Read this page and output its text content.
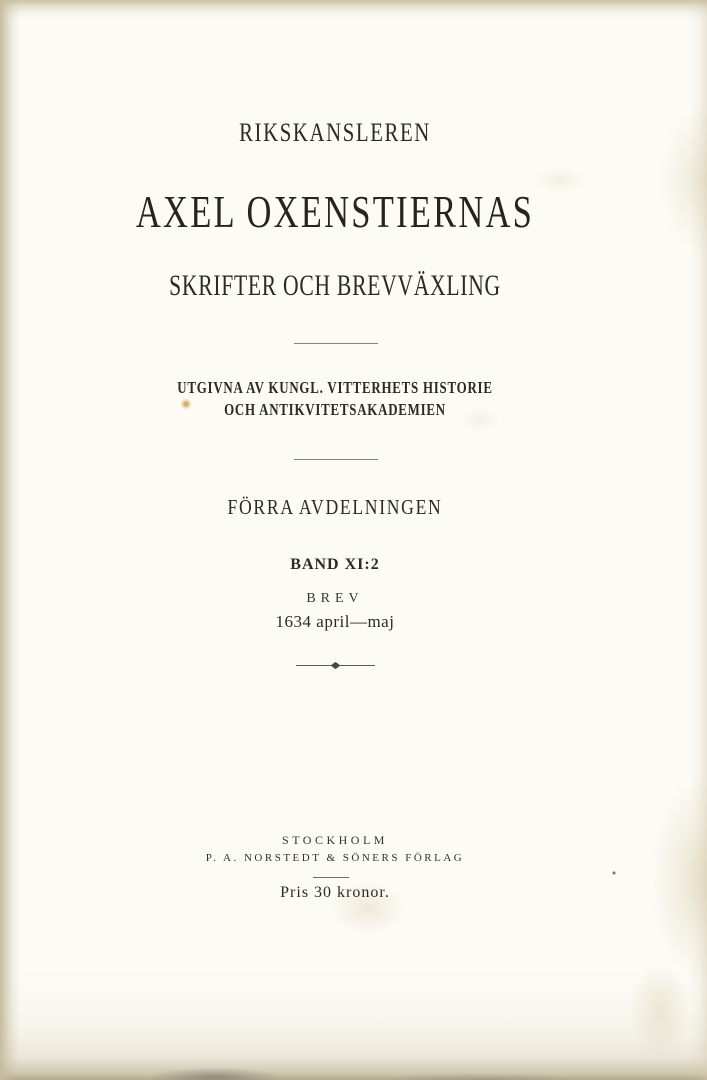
RIKSKANSLEREN
AXEL OXENSTIERNAS
SKRIFTER OCH BREVVÄXLING
UTGIVNA AV KUNGL. VITTERHETS HISTORIE
OCH ANTIKVITETSAKADEMIEN
FÖRRA AVDELNINGEN
BAND XI:2
BREV
1634 april—maj
STOCKHOLM
P. A. NORSTEDT & SÖNERS FÖRLAG
Pris 30 kronor.
